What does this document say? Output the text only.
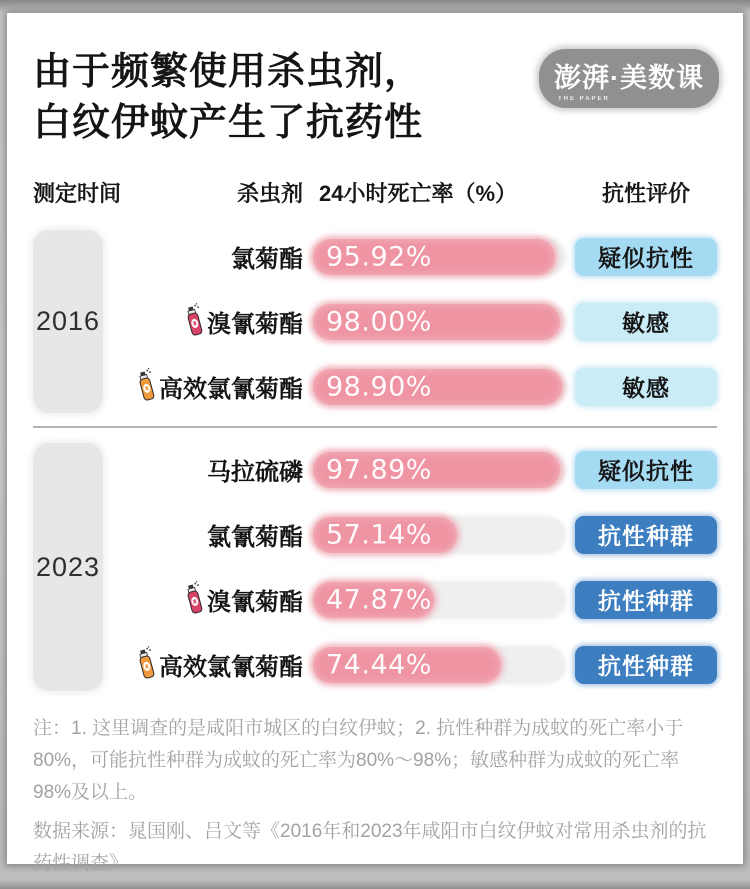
由于频繁使用杀虫剂，
白纹伊蚊产生了抗药性
澎湃·美数课
THE PAPER
测定时间	杀虫剂 24小时死亡率（%）	抗性评价
2016
氯菊酯 95.92%	疑似抗性
溴氰菊酯 98.00%	敏感
高效氯氰菊酯 98.90%	敏感
2023
马拉硫磷 97.89%	疑似抗性
氯氰菊酯 57.14%	抗性种群
溴氰菊酯 47.87%	抗性种群
高效氯氰菊酯 74.44%	抗性种群
注：1. 这里调查的是咸阳市城区的白纹伊蚊；2. 抗性种群为成蚊的死亡率小于80%，可能抗性种群为成蚊的死亡率为80%～98%；敏感种群为成蚊的死亡率98%及以上。
数据来源：晁国刚、吕文等《2016年和2023年咸阳市白纹伊蚊对常用杀虫剂的抗药性调查》
